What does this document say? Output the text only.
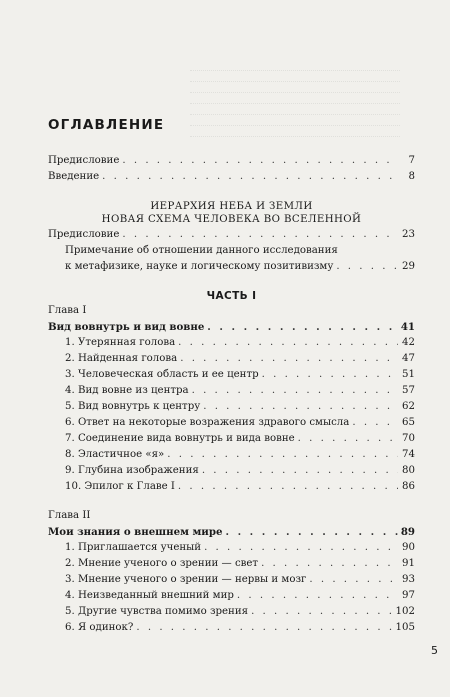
ОГЛАВЛЕНИЕ
Предисловие . . .	7
Введение . . .	8
ИЕРАРХИЯ НЕБА И ЗЕМЛИ
НОВАЯ СХЕМА ЧЕЛОВЕКА ВО ВСЕЛЕННОЙ
Предисловие . . .	23
Примечание об отношении данного исследования
к метафизике, науке и логическому позитивизму . . .	29
ЧАСТЬ I
Глава I
Вид вовнутрь и вид вовне . . .	41
1. Утерянная голова . . .	42
2. Найденная голова . . .	47
3. Человеческая область и ее центр . . .	51
4. Вид вовне из центра . . .	57
5. Вид вовнутрь к центру . . .	62
6. Ответ на некоторые возражения здравого смысла . . .	65
7. Соединение вида вовнутрь и вида вовне . . .	70
8. Эластичное «я» . . .	74
9. Глубина изображения . . .	80
10. Эпилог к Главе I . . .	86
Глава II
Мои знания о внешнем мире . . .	89
1. Приглашается ученый . . .	90
2. Мнение ученого о зрении — свет . . .	91
3. Мнение ученого о зрении — нервы и мозг . . .	93
4. Неизведанный внешний мир . . .	97
5. Другие чувства помимо зрения . . .	102
6. Я одинок? . . .	105
5
